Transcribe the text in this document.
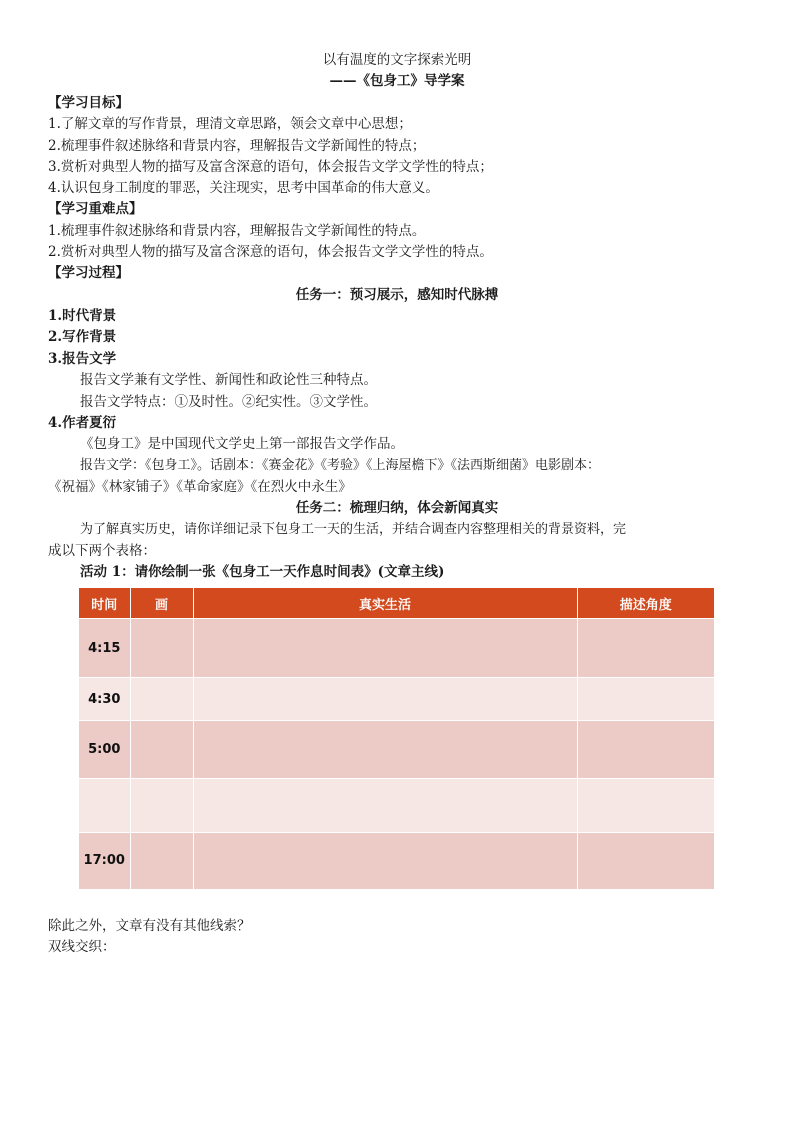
以有温度的文字探索光明
——《包身工》导学案
【学习目标】
1.了解文章的写作背景，理清文章思路，领会文章中心思想；
2.梳理事件叙述脉络和背景内容，理解报告文学新闻性的特点；
3.赏析对典型人物的描写及富含深意的语句，体会报告文学文学性的特点；
4.认识包身工制度的罪恶，关注现实，思考中国革命的伟大意义。
【学习重难点】
1.梳理事件叙述脉络和背景内容，理解报告文学新闻性的特点。
2.赏析对典型人物的描写及富含深意的语句，体会报告文学文学性的特点。
【学习过程】
任务一：预习展示，感知时代脉搏
1.时代背景
2.写作背景
3.报告文学
报告文学兼有文学性、新闻性和政论性三种特点。
报告文学特点：①及时性。②纪实性。③文学性。
4.作者夏衍
《包身工》是中国现代文学史上第一部报告文学作品。
报告文学：《包身工》。话剧本：《赛金花》《考验》《上海屋檐下》《法西斯细菌》电影剧本：
《祝福》《林家铺子》《革命家庭》《在烈火中永生》
任务二：梳理归纳，体会新闻真实
为了解真实历史，请你详细记录下包身工一天的生活，并结合调查内容整理相关的背景资料，完
成以下两个表格：
活动 1：请你绘制一张《包身工一天作息时间表》(文章主线)
时间	画	真实生活	描述角度
4:15			
4:30			
5:00			

17:00			
除此之外，文章有没有其他线索？
双线交织：
